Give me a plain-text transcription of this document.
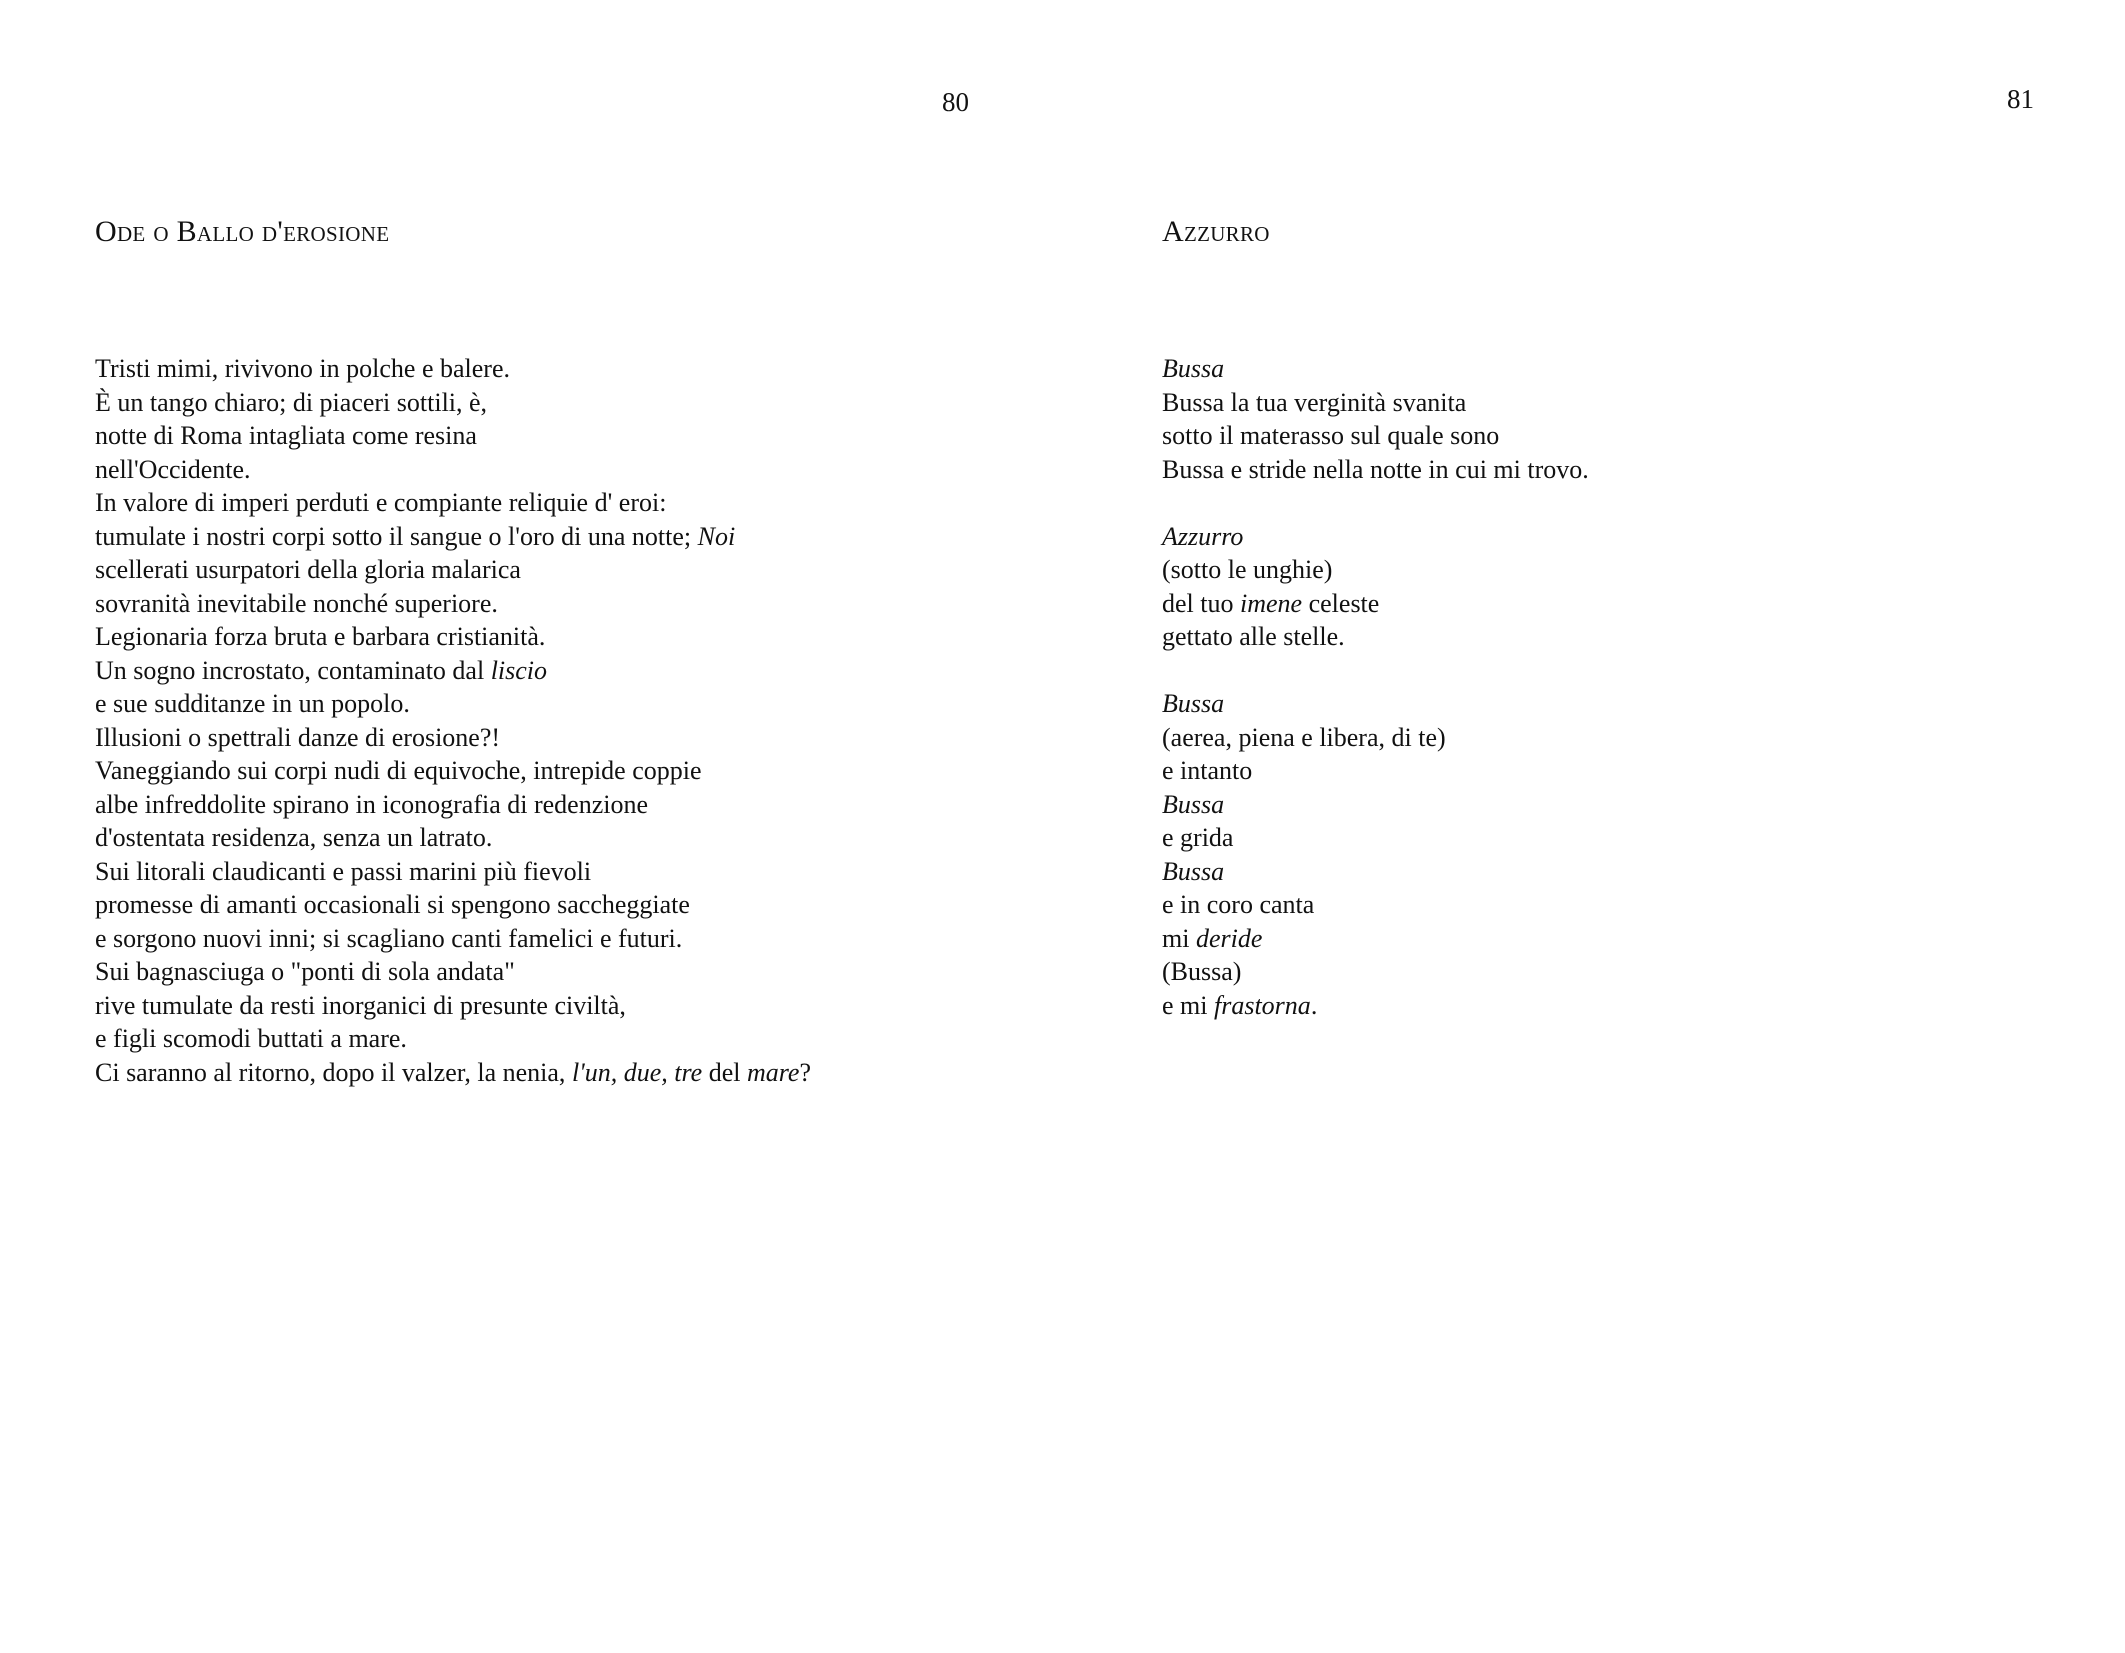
80	81
Ode o Ballo d'erosione	Azzurro
Tristi mimi, rivivono in polche e balere.
È un tango chiaro; di piaceri sottili, è,
notte di Roma intagliata come resina
nell'Occidente.
In valore di imperi perduti e compiante reliquie d' eroi:
tumulate i nostri corpi sotto il sangue o l'oro di una notte; Noi
scellerati usurpatori della gloria malarica
sovranità inevitabile nonché superiore.
Legionaria forza bruta e barbara cristianità.
Un sogno incrostato, contaminato dal liscio
e sue sudditanze in un popolo.
Illusioni o spettrali danze di erosione?!
Vaneggiando sui corpi nudi di equivoche, intrepide coppie
albe infreddolite spirano in iconografia di redenzione
d'ostentata residenza, senza un latrato.
Sui litorali claudicanti e passi marini più fievoli
promesse di amanti occasionali si spengono saccheggiate
e sorgono nuovi inni; si scagliano canti famelici e futuri.
Sui bagnasciuga o "ponti di sola andata"
rive tumulate da resti inorganici di presunte civiltà,
e figli scomodi buttati a mare.
Ci saranno al ritorno, dopo il valzer, la nenia, l'un, due, tre del mare?
Bussa
Bussa la tua verginità svanita
sotto il materasso sul quale sono
Bussa e stride nella notte in cui mi trovo.
Azzurro
(sotto le unghie)
del tuo imene celeste
gettato alle stelle.
Bussa
(aerea, piena e libera, di te)
e intanto
Bussa
e grida
Bussa
e in coro canta
mi deride
(Bussa)
e mi frastorna.
